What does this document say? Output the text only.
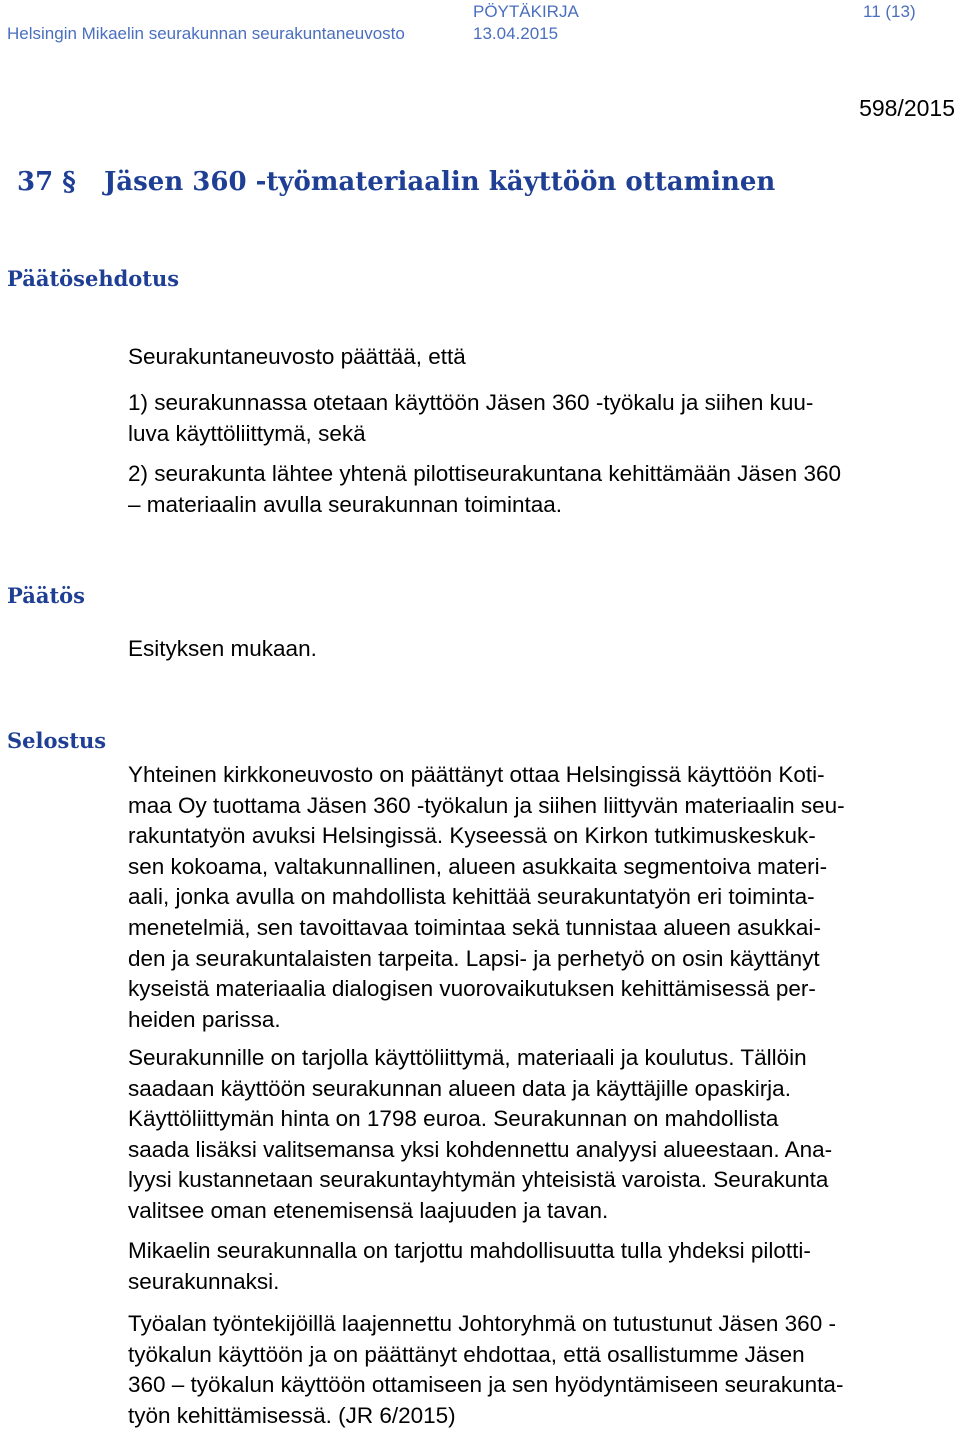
Helsingin Mikaelin seurakunnan seurakuntaneuvosto
PÖYTÄKIRJA
13.04.2015
11 (13)
598/2015
37 § Jäsen 360 -työmateriaalin käyttöön ottaminen
Päätösehdotus

Seurakuntaneuvosto päättää, että

1) seurakunnassa otetaan käyttöön Jäsen 360 -työkalu ja siihen kuu-
luva käyttöliittymä, sekä

2) seurakunta lähtee yhtenä pilottiseurakuntana kehittämään Jäsen 360
– materiaalin avulla seurakunnan toimintaa.

Päätös

Esityksen mukaan.

Selostus

Yhteinen kirkkoneuvosto on päättänyt ottaa Helsingissä käyttöön Koti-
maa Oy tuottama Jäsen 360 -työkalun ja siihen liittyvän materiaalin seu-
rakuntatyön avuksi Helsingissä. Kyseessä on Kirkon tutkimuskeskuk-
sen kokoama, valtakunnallinen, alueen asukkaita segmentoiva materi-
aali, jonka avulla on mahdollista kehittää seurakuntatyön eri toiminta-
menetelmiä, sen tavoittavaa toimintaa sekä tunnistaa alueen asukkai-
den ja seurakuntalaisten tarpeita. Lapsi- ja perhetyö on osin käyttänyt
kyseistä materiaalia dialogisen vuorovaikutuksen kehittämisessä per-
heiden parissa.

Seurakunnille on tarjolla käyttöliittymä, materiaali ja koulutus. Tällöin
saadaan käyttöön seurakunnan alueen data ja käyttäjille opaskirja.
Käyttöliittymän hinta on 1798 euroa. Seurakunnan on mahdollista
saada lisäksi valitsemansa yksi kohdennettu analyysi alueestaan. Ana-
lyysi kustannetaan seurakuntayhtymän yhteisistä varoista. Seurakunta
valitsee oman etenemisensä laajuuden ja tavan.

Mikaelin seurakunnalla on tarjottu mahdollisuutta tulla yhdeksi pilotti-
seurakunnaksi.

Työalan työntekijöillä laajennettu Johtoryhmä on tutustunut Jäsen 360 -
työkalun käyttöön ja on päättänyt ehdottaa, että osallistumme Jäsen
360 – työkalun käyttöön ottamiseen ja sen hyödyntämiseen seurakunta-
työn kehittämisessä. (JR 6/2015)
